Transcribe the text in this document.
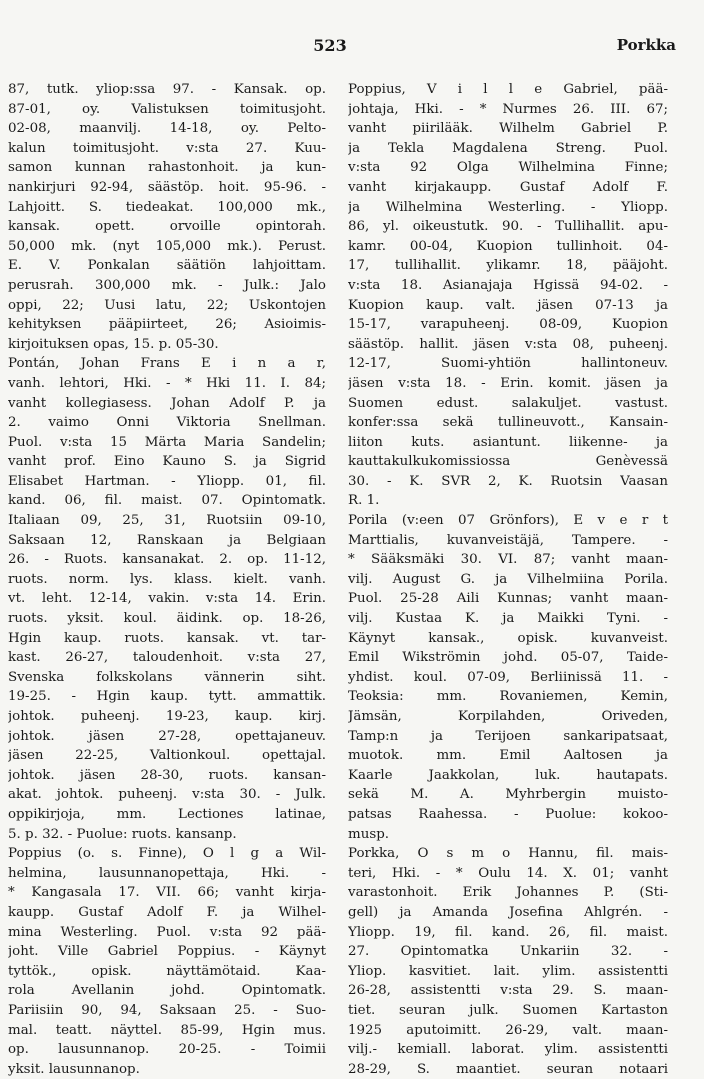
523	Porkka
87, tutk. yliop:ssa 97. - Kansak. op.
87-01, oy. Valistuksen toimitusjoht.
02-08, maanvilj. 14-18, oy. Pelto-
kalun toimitusjoht. v:sta 27. Kuu-
samon kunnan rahastonhoit. ja kun-
nankirjuri 92-94, säästöp. hoit. 95-96. -
Lahjoitt. S. tiedeakat. 100,000 mk.,
kansak. opett. orvoille opintorah.
50,000 mk. (nyt 105,000 mk.). Perust.
E. V. Ponkalan säätiön lahjoittam.
perusrah. 300,000 mk. - Julk.: Jalo
oppi, 22; Uusi latu, 22; Uskontojen
kehityksen pääpiirteet, 26; Asioimis-
kirjoituksen opas, 15. p. 05-30.
Pontán, Johan Frans E i n a r,
vanh. lehtori, Hki. - * Hki 11. I. 84;
vanht kollegiasess. Johan Adolf P. ja
2. vaimo Onni Viktoria Snellman.
Puol. v:sta 15 Märta Maria Sandelin;
vanht prof. Eino Kauno S. ja Sigrid
Elisabet Hartman. - Yliopp. 01, fil.
kand. 06, fil. maist. 07. Opintomatk.
Italiaan 09, 25, 31, Ruotsiin 09-10,
Saksaan 12, Ranskaan ja Belgiaan
26. - Ruots. kansanakat. 2. op. 11-12,
ruots. norm. lys. klass. kielt. vanh.
vt. leht. 12-14, vakin. v:sta 14. Erin.
ruots. yksit. koul. äidink. op. 18-26,
Hgin kaup. ruots. kansak. vt. tar-
kast. 26-27, taloudenhoit. v:sta 27,
Svenska folkskolans vännerin siht.
19-25. - Hgin kaup. tytt. ammattik.
johtok. puheenj. 19-23, kaup. kirj.
johtok. jäsen 27-28, opettajaneuv.
jäsen 22-25, Valtionkoul. opettajal.
johtok. jäsen 28-30, ruots. kansan-
akat. johtok. puheenj. v:sta 30. - Julk.
oppikirjoja, mm. Lectiones latinae,
5. p. 32. - Puolue: ruots. kansanp.
Poppius (o. s. Finne), O l g a Wil-
helmina, lausunnanopettaja, Hki. -
* Kangasala 17. VII. 66; vanht kirja-
kaupp. Gustaf Adolf F. ja Wilhel-
mina Westerling. Puol. v:sta 92 pää-
joht. Ville Gabriel Poppius. - Käynyt
tyttök., opisk. näyttämötaid. Kaa-
rola Avellanin johd. Opintomatk.
Pariisiin 90, 94, Saksaan 25. - Suo-
mal. teatt. näyttel. 85-99, Hgin mus.
op. lausunnanop. 20-25. - Toimii
yksit. lausunnanop.
Poppius, V i l l e Gabriel, pää-
johtaja, Hki. - * Nurmes 26. III. 67;
vanht piirilääk. Wilhelm Gabriel P.
ja Tekla Magdalena Streng. Puol.
v:sta 92 Olga Wilhelmina Finne;
vanht kirjakaupp. Gustaf Adolf F.
ja Wilhelmina Westerling. - Yliopp.
86, yl. oikeustutk. 90. - Tullihallit. apu-
kamr. 00-04, Kuopion tullinhoit. 04-
17, tullihallit. ylikamr. 18, pääjoht.
v:sta 18. Asianajaja Hgissä 94-02. -
Kuopion kaup. valt. jäsen 07-13 ja
15-17, varapuheenj. 08-09, Kuopion
säästöp. hallit. jäsen v:sta 08, puheenj.
12-17, Suomi-yhtiön hallintoneuv.
jäsen v:sta 18. - Erin. komit. jäsen ja
Suomen edust. salakuljet. vastust.
konfer:ssa sekä tullineuvott., Kansain-
liiton kuts. asiantunt. liikenne- ja
kauttakulkukomissiossa Genèvessä
30. - K. SVR 2, K. Ruotsin Vaasan
R. 1.
Porila (v:een 07 Grönfors), E v e r t
Marttialis, kuvanveistäjä, Tampere. -
* Sääksmäki 30. VI. 87; vanht maan-
vilj. August G. ja Vilhelmiina Porila.
Puol. 25-28 Aili Kunnas; vanht maan-
vilj. Kustaa K. ja Maikki Tyni. -
Käynyt kansak., opisk. kuvanveist.
Emil Wikströmin johd. 05-07, Taide-
yhdist. koul. 07-09, Berliinissä 11. -
Teoksia: mm. Rovaniemen, Kemin,
Jämsän, Korpilahden, Oriveden,
Tamp:n ja Terijoen sankaripatsaat,
muotok. mm. Emil Aaltosen ja
Kaarle Jaakkolan, luk. hautapats.
sekä M. A. Myhrbergin muisto-
patsas Raahessa. - Puolue: kokoo-
musp.
Porkka, O s m o Hannu, fil. mais-
teri, Hki. - * Oulu 14. X. 01; vanht
varastonhoit. Erik Johannes P. (Sti-
gell) ja Amanda Josefina Ahlgrén. -
Yliopp. 19, fil. kand. 26, fil. maist.
27. Opintomatka Unkariin 32. -
Yliop. kasvitiet. lait. ylim. assistentti
26-28, assistentti v:sta 29. S. maan-
tiet. seuran julk. Suomen Kartaston
1925 aputoimitt. 26-29, valt. maan-
vilj.- kemiall. laborat. ylim. assistentti
28-29, S. maantiet. seuran notaari
